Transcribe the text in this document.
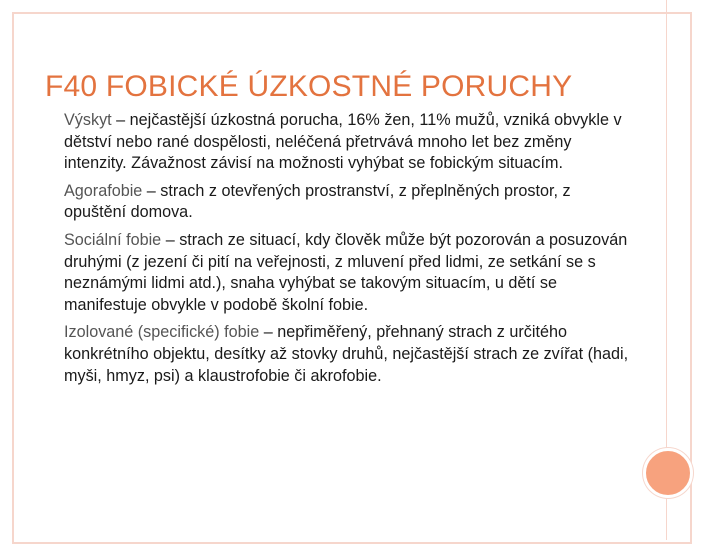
F40 FOBICKÉ ÚZKOSTNÉ PORUCHY

Výskyt – nejčastější úzkostná porucha, 16% žen, 11% mužů, vzniká obvykle v dětství nebo rané dospělosti, neléčená přetrvává mnoho let bez změny intenzity. Závažnost závisí na možnosti vyhýbat se fobickým situacím.

Agorafobie – strach z otevřených prostranství, z přeplněných prostor, z opuštění domova.

Sociální fobie – strach ze situací, kdy člověk může být pozorován a posuzován druhými (z jezení či pití na veřejnosti, z mluvení před lidmi, ze setkání se s neznámými lidmi atd.), snaha vyhýbat se takovým situacím, u dětí se manifestuje obvykle v podobě školní fobie.

Izolované (specifické) fobie – nepřiměřený, přehnaný strach z určitého konkrétního objektu, desítky až stovky druhů, nejčastější strach ze zvířat (hadi, myši, hmyz, psi) a klaustrofobie či akrofobie.
